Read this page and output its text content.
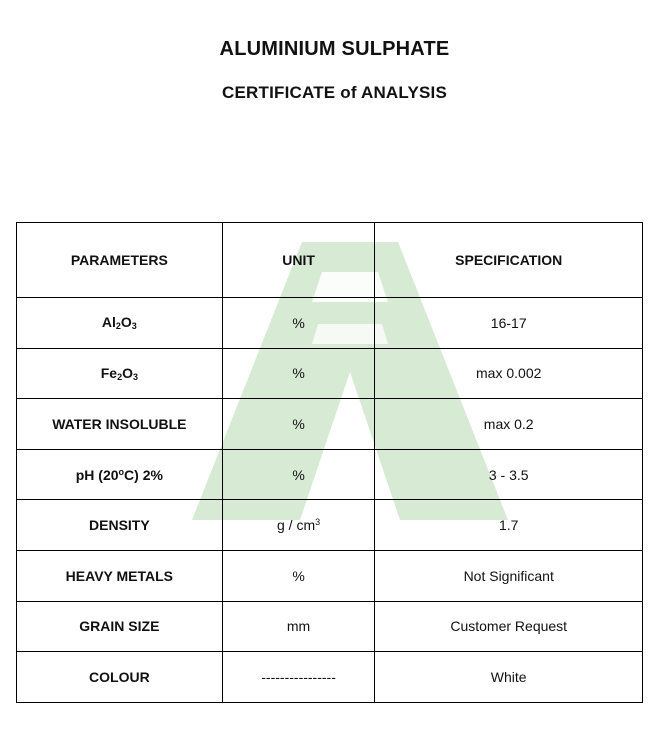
ALUMINIUM SULPHATE
CERTIFICATE of ANALYSIS
PARAMETERS	UNIT	SPECIFICATION
$Al_2O_3$	%	16-17
$Fe_2O_3$	%	max 0.002
WATER INSOLUBLE	%	max 0.2
pH (20$^o$C) 2%	%	3 - 3.5
DENSITY	g / $cm^3$	1.7
HEAVY METALS	%	Not Significant
GRAIN SIZE	mm	Customer Request
COLOUR	----------------	White
